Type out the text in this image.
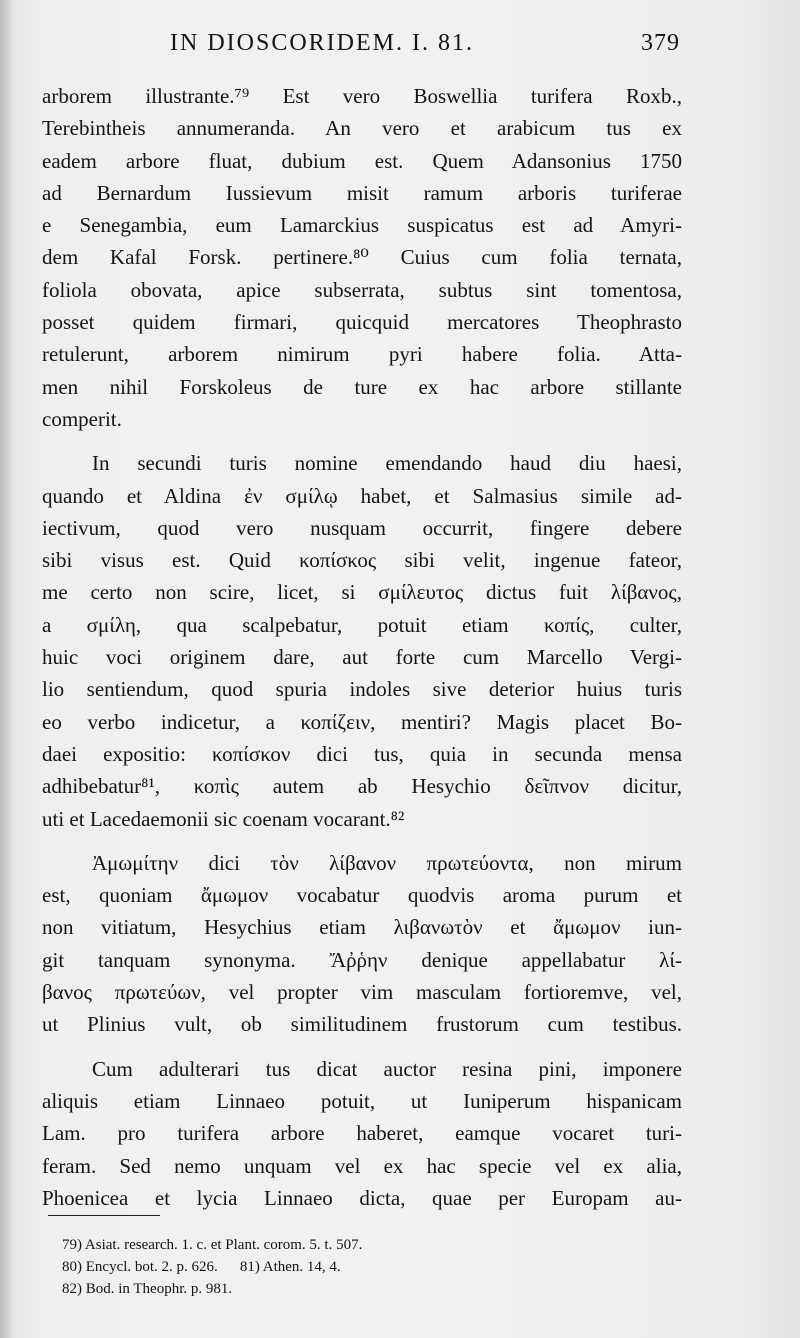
IN DIOSCORIDEM. I. 81.	379
arborem illustrante.⁷⁹ Est vero Boswellia turifera Roxb.,
Terebintheis annumeranda. An vero et arabicum tus ex
eadem arbore fluat, dubium est. Quem Adansonius 1750
ad Bernardum Iussievum misit ramum arboris turiferae
e Senegambia, eum Lamarckius suspicatus est ad Amyri-
dem Kafal Forsk. pertinere.⁸⁰ Cuius cum folia ternata,
foliola obovata, apice subserrata, subtus sint tomentosa,
posset quidem firmari, quicquid mercatores Theophrasto
retulerunt, arborem nimirum pyri habere folia. Atta-
men nihil Forskoleus de ture ex hac arbore stillante
comperit.
In secundi turis nomine emendando haud diu haesi,
quando et Aldina ἐν σμίλῳ habet, et Salmasius simile ad-
iectivum, quod vero nusquam occurrit, fingere debere
sibi visus est. Quid κοπίσκος sibi velit, ingenue fateor,
me certo non scire, licet, si σμίλευτος dictus fuit λίβανος,
a σμίλη, qua scalpebatur, potuit etiam κοπίς, culter,
huic voci originem dare, aut forte cum Marcello Vergi-
lio sentiendum, quod spuria indoles sive deterior huius turis
eo verbo indicetur, a κοπίζειν, mentiri? Magis placet Bo-
daei expositio: κοπίσκον dici tus, quia in secunda mensa
adhibebatur⁸¹, κοπὶς autem ab Hesychio δεῖπνον dicitur,
uti et Lacedaemonii sic coenam vocarant.⁸²
Ἀμωμίτην dici τὸν λίβανον πρωτεύοντα, non mirum
est, quoniam ἄμωμον vocabatur quodvis aroma purum et
non vitiatum, Hesychius etiam λιβανωτὸν et ἄμωμον iun-
git tanquam synonyma. Ἄῤῥην denique appellabatur λί-
βανος πρωτεύων, vel propter vim masculam fortioremve, vel,
ut Plinius vult, ob similitudinem frustorum cum testibus.
Cum adulterari tus dicat auctor resina pini, imponere
aliquis etiam Linnaeo potuit, ut Iuniperum hispanicam
Lam. pro turifera arbore haberet, eamque vocaret turi-
feram. Sed nemo unquam vel ex hac specie vel ex alia,
Phoenicea et lycia Linnaeo dicta, quae per Europam au-
79) Asiat. research. 1. c. et Plant. corom. 5. t. 507.
80) Encycl. bot. 2. p. 626. 81) Athen. 14, 4.
82) Bod. in Theophr. p. 981.
